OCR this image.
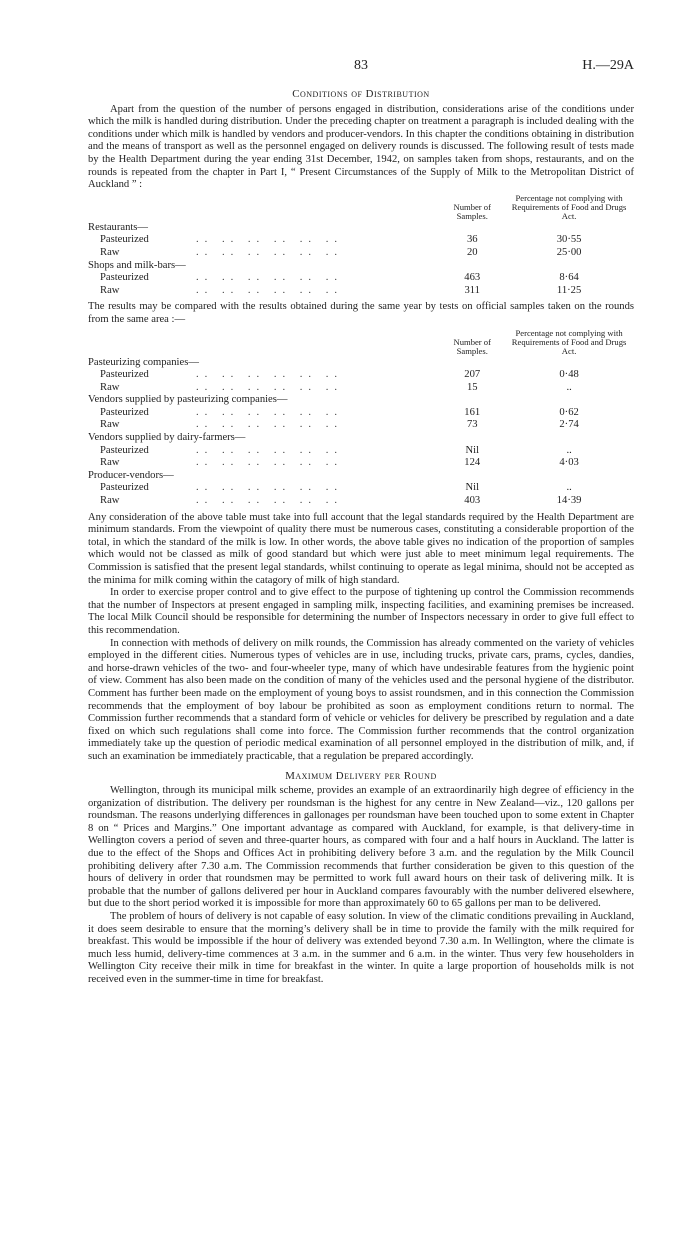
83	H.—29A
Conditions of Distribution

Apart from the question of the number of persons engaged in distribution, considerations arise of the conditions under which the milk is handled during distribution. Under the preceding chapter on treatment a paragraph is included dealing with the conditions under which milk is handled by vendors and producer-vendors. In this chapter the conditions obtaining in distribution and the means of transport as well as the personnel engaged on delivery rounds is discussed. The following result of tests made by the Health Department during the year ending 31st December, 1942, on samples taken from shops, restaurants, and on the rounds is repeated from the chapter in Part I, “ Present Circumstances of the Supply of Milk to the Metropolitan District of Auckland ” :

	Number of Samples.	Percentage not complying with Requirements of Food and Drugs Act.
Restaurants—		
Pasteurized .. .. .. .. .. ..	36	30·55
Raw .. .. .. .. .. ..	20	25·00
Shops and milk-bars—		
Pasteurized .. .. .. .. .. ..	463	8·64
Raw .. .. .. .. .. ..	311	11·25

The results may be compared with the results obtained during the same year by tests on official samples taken on the rounds from the same area :—

	Number of Samples.	Percentage not complying with Requirements of Food and Drugs Act.
Pasteurizing companies—		
Pasteurized .. .. .. .. .. ..	207	0·48
Raw .. .. .. .. .. ..	15	..
Vendors supplied by pasteurizing companies—		
Pasteurized .. .. .. .. .. ..	161	0·62
Raw .. .. .. .. .. ..	73	2·74
Vendors supplied by dairy-farmers—		
Pasteurized .. .. .. .. .. ..	Nil	..
Raw .. .. .. .. .. ..	124	4·03
Producer-vendors—		
Pasteurized .. .. .. .. .. ..	Nil	..
Raw .. .. .. .. .. ..	403	14·39

Any consideration of the above table must take into full account that the legal standards required by the Health Department are minimum standards. From the viewpoint of quality there must be numerous cases, constituting a considerable proportion of the total, in which the standard of the milk is low. In other words, the above table gives no indication of the proportion of samples which would not be classed as milk of good standard but which were just able to meet minimum legal requirements. The Commission is satisfied that the present legal standards, whilst continuing to operate as legal minima, should not be accepted as the minima for milk coming within the catagory of milk of high standard.

In order to exercise proper control and to give effect to the purpose of tightening up control the Commission recommends that the number of Inspectors at present engaged in sampling milk, inspecting facilities, and examining premises be increased. The local Milk Council should be responsible for determining the number of Inspectors necessary in order to give full effect to this recommendation.

In connection with methods of delivery on milk rounds, the Commission has already commented on the variety of vehicles employed in the different cities. Numerous types of vehicles are in use, including trucks, private cars, prams, cycles, dandies, and horse-drawn vehicles of the two- and four-wheeler type, many of which have undesirable features from the hygienic point of view. Comment has also been made on the condition of many of the vehicles used and the personal hygiene of the distributor. Comment has further been made on the employment of young boys to assist roundsmen, and in this connection the Commission recommends that the employment of boy labour be prohibited as soon as employment conditions return to normal. The Commission further recommends that a standard form of vehicle or vehicles for delivery be prescribed by regulation and a date fixed on which such regulations shall come into force. The Commission further recommends that the control organization immediately take up the question of periodic medical examination of all personnel employed in the distribution of milk, and, if such an examination be immediately practicable, that a regulation be prepared accordingly.

Maximum Delivery per Round

Wellington, through its municipal milk scheme, provides an example of an extraordinarily high degree of efficiency in the organization of distribution. The delivery per roundsman is the highest for any centre in New Zealand—viz., 120 gallons per roundsman. The reasons underlying differences in gallonages per roundsman have been touched upon to some extent in Chapter 8 on “ Prices and Margins.” One important advantage as compared with Auckland, for example, is that delivery-time in Wellington covers a period of seven and three-quarter hours, as compared with four and a half hours in Auckland. The latter is due to the effect of the Shops and Offices Act in prohibiting delivery before 3 a.m. and the regulation by the Milk Council prohibiting delivery after 7.30 a.m. The Commission recommends that further consideration be given to this question of the hours of delivery in order that roundsmen may be permitted to work full award hours on their task of delivering milk. It is probable that the number of gallons delivered per hour in Auckland compares favourably with the number delivered elsewhere, but due to the short period worked it is impossible for more than approximately 60 to 65 gallons per man to be delivered.

The problem of hours of delivery is not capable of easy solution. In view of the climatic conditions prevailing in Auckland, it does seem desirable to ensure that the morning’s delivery shall be in time to provide the family with the milk required for breakfast. This would be impossible if the hour of delivery was extended beyond 7.30 a.m. In Wellington, where the climate is much less humid, delivery-time commences at 3 a.m. in the summer and 6 a.m. in the winter. Thus very few householders in Wellington City receive their milk in time for breakfast in the winter. In quite a large proportion of households milk is not received even in the summer-time in time for breakfast.
